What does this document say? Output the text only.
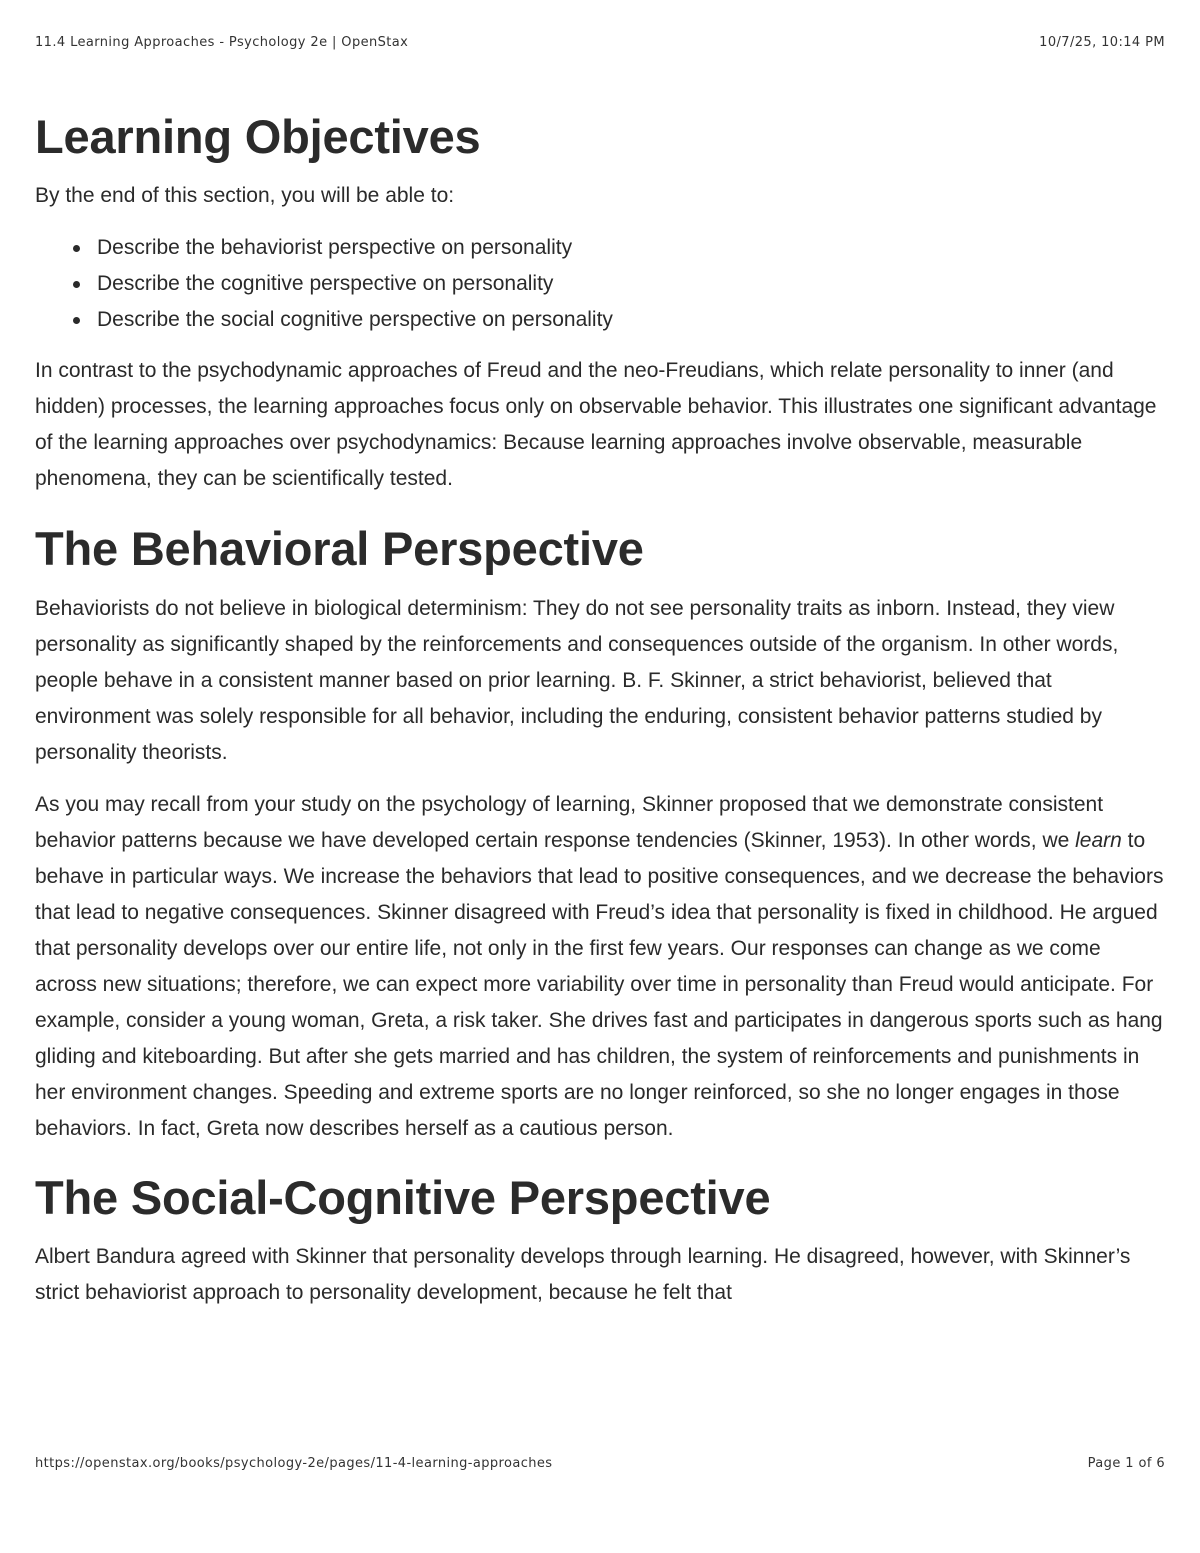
11.4 Learning Approaches - Psychology 2e | OpenStax	10/7/25, 10:14 PM
Learning Objectives

By the end of this section, you will be able to:

Describe the behaviorist perspective on personality
Describe the cognitive perspective on personality
Describe the social cognitive perspective on personality

In contrast to the psychodynamic approaches of Freud and the neo-Freudians, which relate personality to inner (and hidden) processes, the learning approaches focus only on observable behavior. This illustrates one significant advantage of the learning approaches over psychodynamics: Because learning approaches involve observable, measurable phenomena, they can be scientifically tested.

The Behavioral Perspective

Behaviorists do not believe in biological determinism: They do not see personality traits as inborn. Instead, they view personality as significantly shaped by the reinforcements and consequences outside of the organism. In other words, people behave in a consistent manner based on prior learning. B. F. Skinner, a strict behaviorist, believed that environment was solely responsible for all behavior, including the enduring, consistent behavior patterns studied by personality theorists.

As you may recall from your study on the psychology of learning, Skinner proposed that we demonstrate consistent behavior patterns because we have developed certain response tendencies (Skinner, 1953). In other words, we learn to behave in particular ways. We increase the behaviors that lead to positive consequences, and we decrease the behaviors that lead to negative consequences. Skinner disagreed with Freud’s idea that personality is fixed in childhood. He argued that personality develops over our entire life, not only in the first few years. Our responses can change as we come across new situations; therefore, we can expect more variability over time in personality than Freud would anticipate. For example, consider a young woman, Greta, a risk taker. She drives fast and participates in dangerous sports such as hang gliding and kiteboarding. But after she gets married and has children, the system of reinforcements and punishments in her environment changes. Speeding and extreme sports are no longer reinforced, so she no longer engages in those behaviors. In fact, Greta now describes herself as a cautious person.

The Social-Cognitive Perspective

Albert Bandura agreed with Skinner that personality develops through learning. He disagreed, however, with Skinner’s strict behaviorist approach to personality development, because he felt that

https://openstax.org/books/psychology-2e/pages/11-4-learning-approaches	Page 1 of 6
